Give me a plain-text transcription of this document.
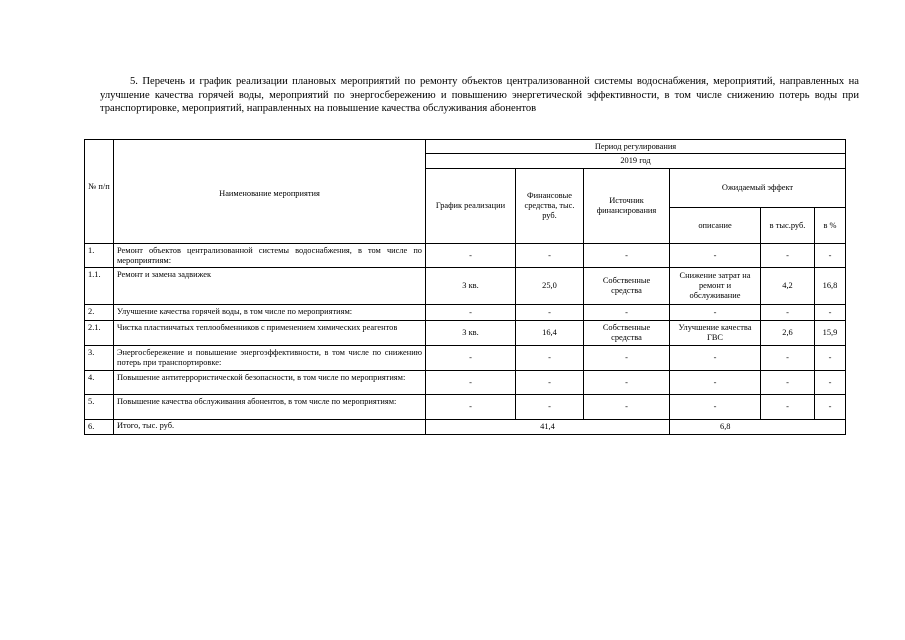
5. Перечень и график реализации плановых мероприятий по ремонту объектов централизованной системы водоснабжения, мероприятий, направленных на улучшение качества горячей воды, мероприятий по энергосбережению и повышению энергетической эффективности, в том числе снижению потерь воды при транспортировке, мероприятий, направленных на повышение качества обслуживания абонентов
№ п/п	Наименование мероприятия	Период регулирования					
		2019 год					
		График реализации	Финансовые средства, тыс. руб.	Источник финансирования	Ожидаемый эффект		
					описание	в тыс.руб.	в %
1.	Ремонт объектов централизованной системы водоснабжения, в том числе по мероприятиям:	-	-	-	-	-	-
1.1.	Ремонт и замена задвижек	3 кв.	25,0	Собственные средства	Снижение затрат на ремонт и обслуживание	4,2	16,8
2.	Улучшение качества горячей воды, в том числе по мероприятиям:	-	-	-	-	-	-
2.1.	Чистка пластинчатых теплообменников с применением химических реагентов	3 кв.	16,4	Собственные средства	Улучшение качества ГВС	2,6	15,9
3.	Энергосбережение и повышение энергоэффективности, в том числе по снижению потерь при транспортировке:	-	-	-	-	-	-
4.	Повышение антитеррористической безопасности, в том числе по мероприятиям:	-	-	-	-	-	-
5.	Повышение качества обслуживания абонентов, в том числе по мероприятиям:	-	-	-	-	-	-
6.	Итого, тыс. руб.	41,4			6,8		
